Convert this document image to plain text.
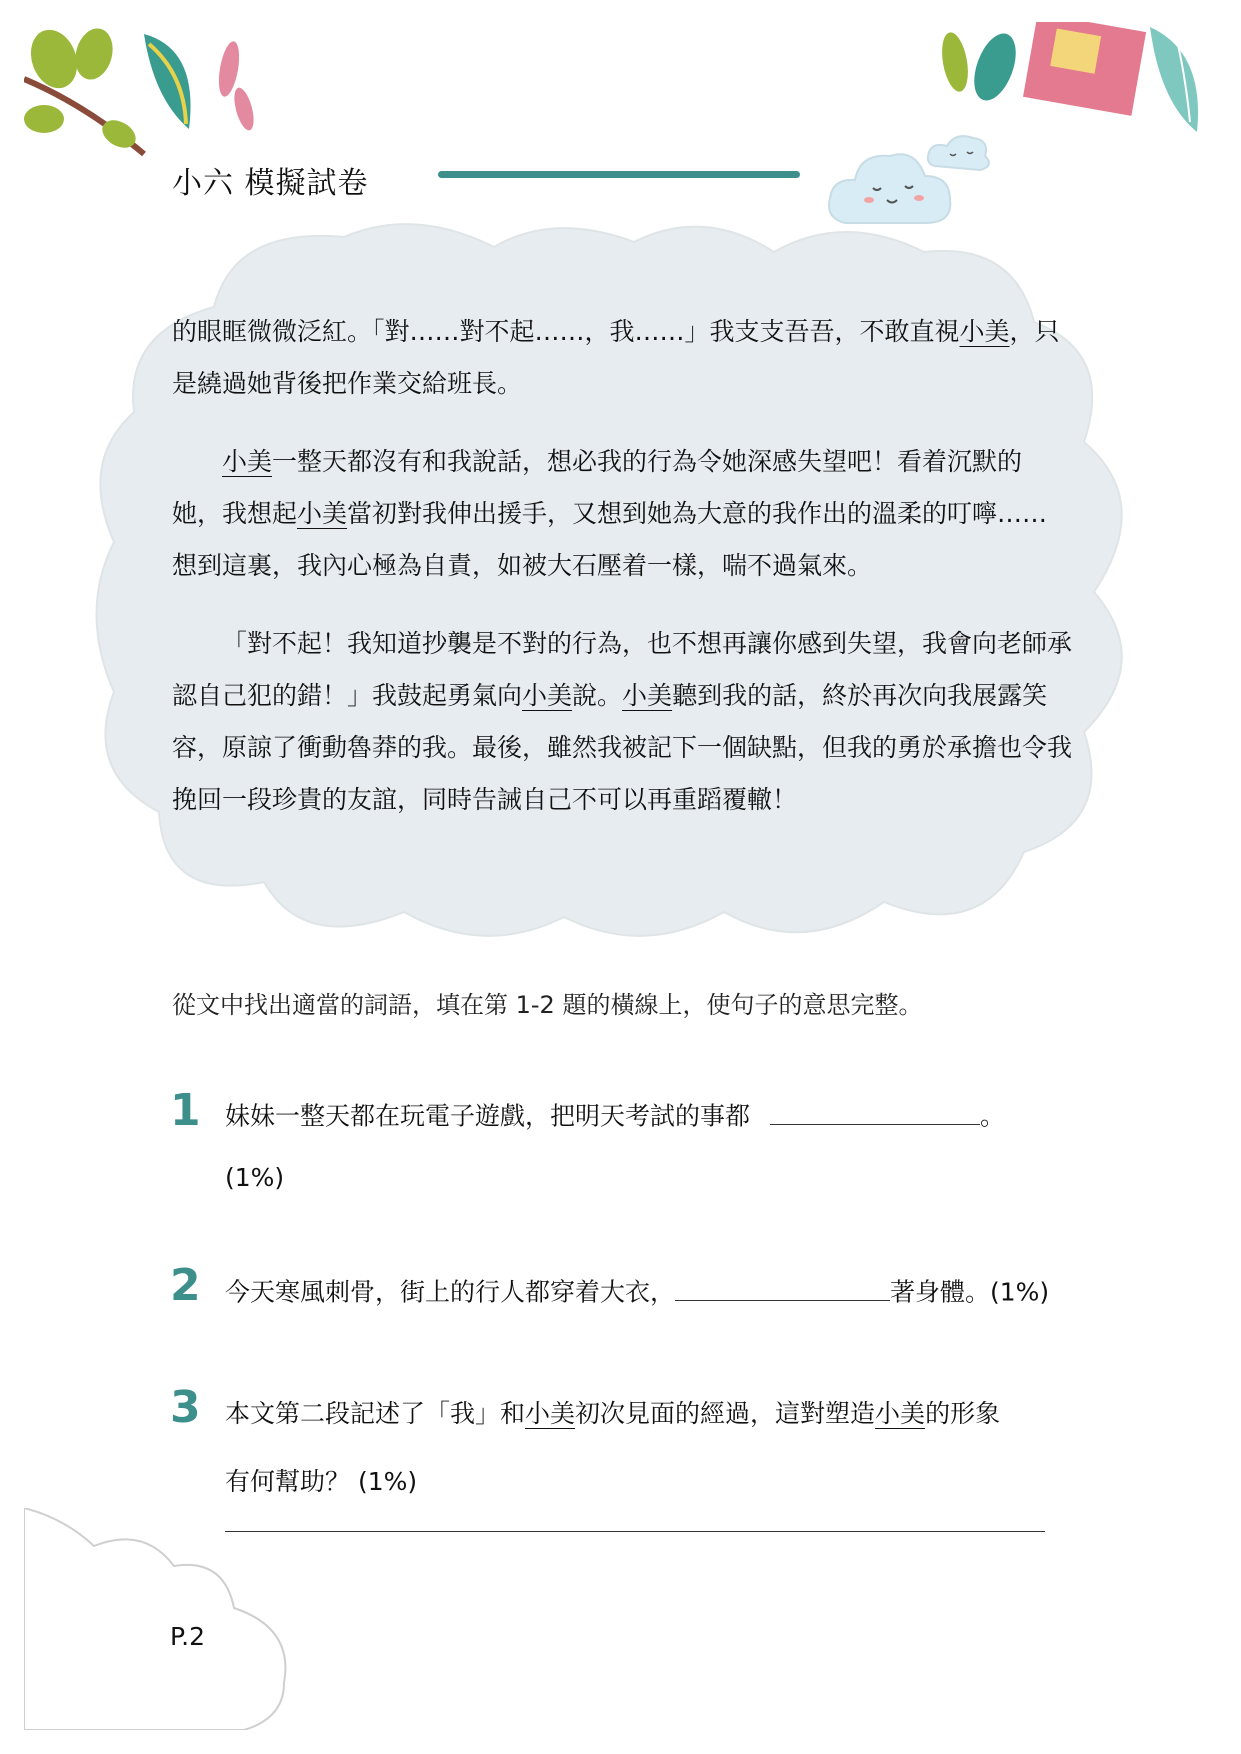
小六 模擬試卷

的眼眶微微泛紅。「對……對不起……，我……」我支支吾吾，不敢直視小美，只是繞過她背後把作業交給班長。

小美一整天都沒有和我說話，想必我的行為令她深感失望吧！看着沉默的她，我想起小美當初對我伸出援手，又想到她為大意的我作出的溫柔的叮嚀……想到這裏，我內心極為自責，如被大石壓着一樣，喘不過氣來。

「對不起！我知道抄襲是不對的行為，也不想再讓你感到失望，我會向老師承認自己犯的錯！」我鼓起勇氣向小美說。小美聽到我的話，終於再次向我展露笑容，原諒了衝動魯莽的我。最後，雖然我被記下一個缺點，但我的勇於承擔也令我挽回一段珍貴的友誼，同時告誡自己不可以再重蹈覆轍！

從文中找出適當的詞語，填在第 1-2 題的橫線上，使句子的意思完整。
1 妹妹一整天都在玩電子遊戲，把明天考試的事都	。
(1%)
2 今天寒風刺骨，街上的行人都穿着大衣，	著身體。(1%)
3 本文第二段記述了「我」和小美初次見面的經過，這對塑造小美的形象
有何幫助？ (1%)
P.2
